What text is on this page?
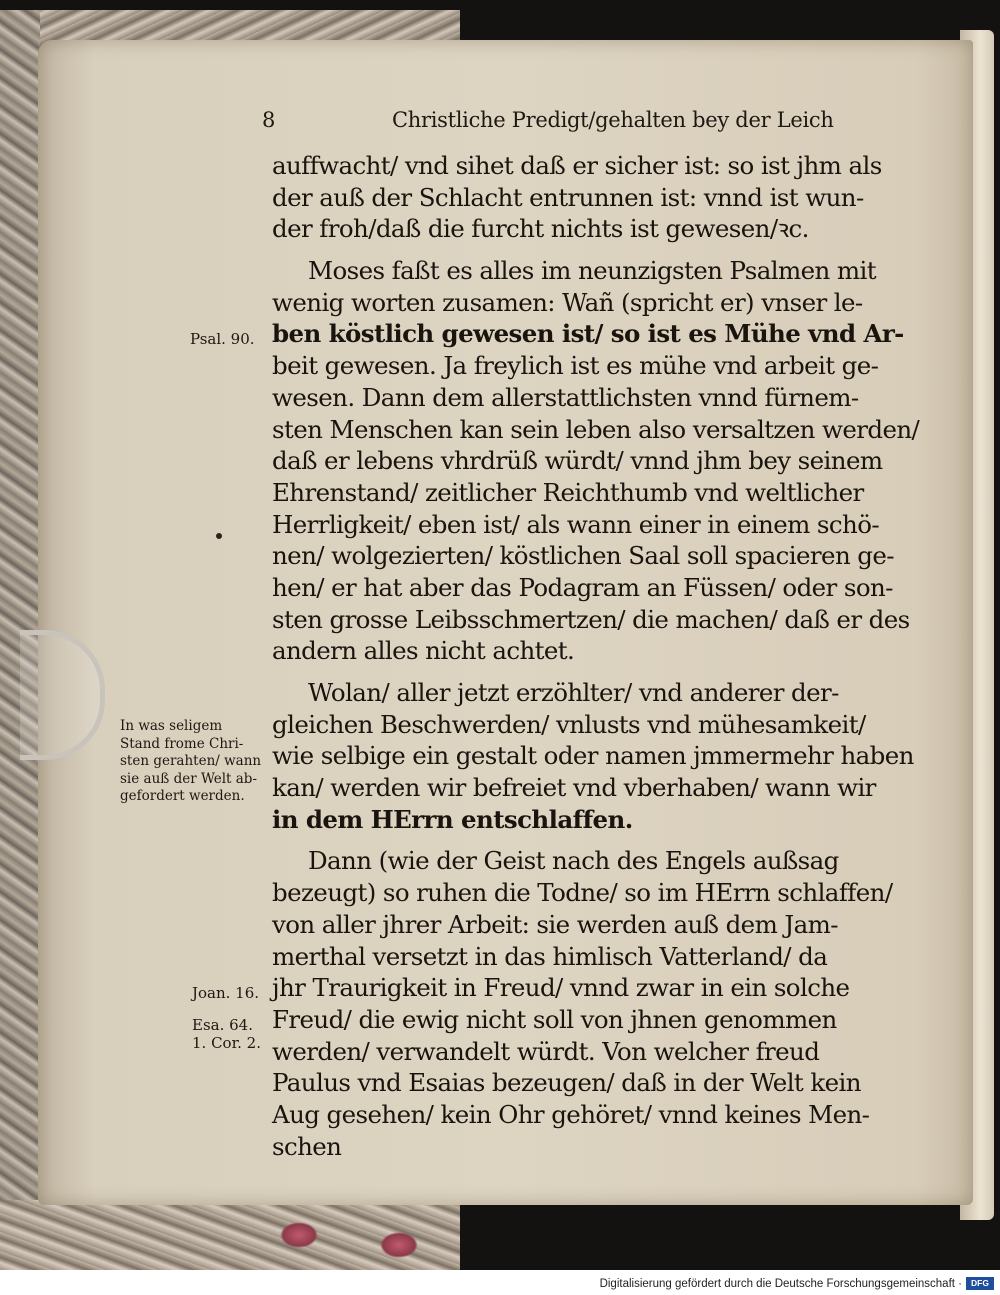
8	Christliche Predigt/gehalten bey der Leich
auffwacht/ vnd sihet daß er sicher ist: so ist jhm als
der auß der Schlacht entrunnen ist: vnnd ist wun-
der froh/daß die furcht nichts ist gewesen/ꝛc.
Moses faßt es alles im neunzigsten Psalmen mit
wenig worten zusamen: Wañ (spricht er) vnser le-
ben köstlich gewesen ist/ so ist es Mühe vnd Ar-
beit gewesen. Ja freylich ist es mühe vnd arbeit ge-
wesen. Dann dem allerstattlichsten vnnd fürnem-
sten Menschen kan sein leben also versaltzen werden/
daß er lebens vhrdrüß würdt/ vnnd jhm bey seinem
Ehrenstand/ zeitlicher Reichthumb vnd weltlicher
Herrligkeit/ eben ist/ als wann einer in einem schö-
nen/ wolgezierten/ köstlichen Saal soll spacieren ge-
hen/ er hat aber das Podagram an Füssen/ oder son-
sten grosse Leibsschmertzen/ die machen/ daß er des
andern alles nicht achtet.
Wolan/ aller jetzt erzöhlter/ vnd anderer der-
gleichen Beschwerden/ vnlusts vnd mühesamkeit/
wie selbige ein gestalt oder namen jmmermehr haben
kan/ werden wir befreiet vnd vberhaben/ wann wir
in dem HErrn entschlaffen.
Dann (wie der Geist nach des Engels außsag
bezeugt) so ruhen die Todne/ so im HErrn schlaffen/
von aller jhrer Arbeit: sie werden auß dem Jam-
merthal versetzt in das himlisch Vatterland/ da
jhr Traurigkeit in Freud/ vnnd zwar in ein solche
Freud/ die ewig nicht soll von jhnen genommen
werden/ verwandelt würdt. Von welcher freud
Paulus vnd Esaias bezeugen/ daß in der Welt kein
Aug gesehen/ kein Ohr gehöret/ vnnd keines Men-
schen
Psal. 90.
In was seligem
Stand frome Chri-
sten gerahten/ wann
sie auß der Welt ab-
gefordert werden.
Joan. 16.
Esa. 64.
1. Cor. 2.
Digitalisierung gefördert durch die Deutsche Forschungsgemeinschaft ·	DFG
